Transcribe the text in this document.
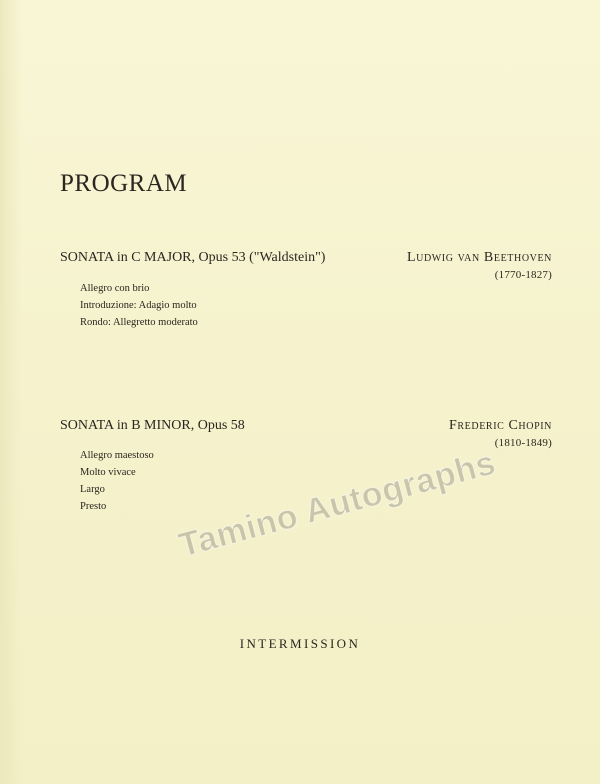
PROGRAM
SONATA in C MAJOR, Opus 53 ("Waldstein")	Ludwig van Beethoven
(1770-1827)
Allegro con brio
Introduzione: Adagio molto
Rondo: Allegretto moderato
SONATA in B MINOR, Opus 58	Frederic Chopin
(1810-1849)
Allegro maestoso
Molto vivace
Largo
Presto
INTERMISSION
Tamino Autographs
